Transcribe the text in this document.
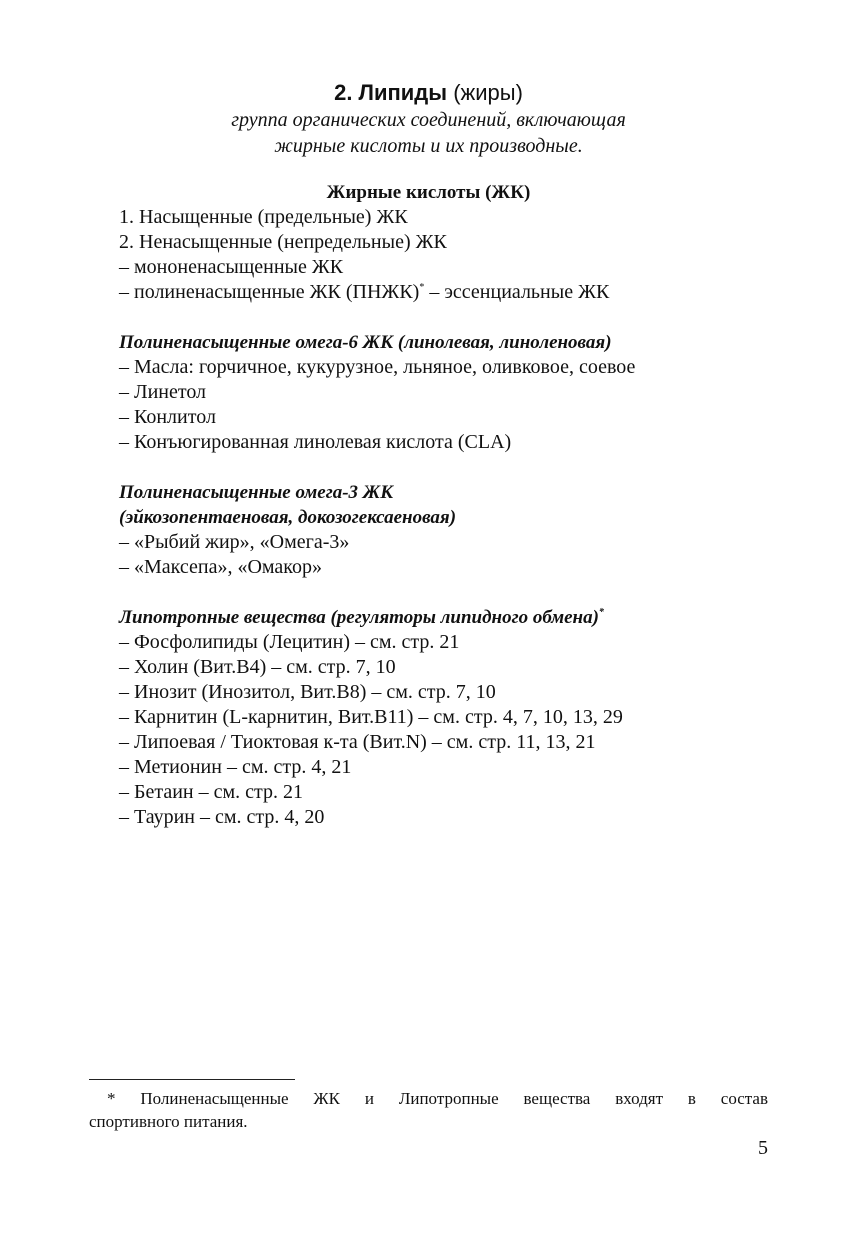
2. Липиды (жиры)
группа органических соединений, включающая
жирные кислоты и их производные.
Жирные кислоты (ЖК)
1. Насыщенные (предельные) ЖК
2. Ненасыщенные (непредельные) ЖК
– мононенасыщенные ЖК
– полиненасыщенные ЖК (ПНЖК)* – эссенциальные ЖК
Полиненасыщенные омега-6 ЖК (линолевая, линоленовая)
– Масла: горчичное, кукурузное, льняное, оливковое, соевое
– Линетол
– Конлитол
– Конъюгированная линолевая кислота (CLA)
Полиненасыщенные омега-3 ЖК
(эйкозопентаеновая, докозогексаеновая)
– «Рыбий жир», «Омега-3»
– «Максепа», «Омакор»
Липотропные вещества (регуляторы липидного обмена)*
– Фосфолипиды (Лецитин) – см. стр. 21
– Холин (Вит.В4) – см. стр. 7, 10
– Инозит (Инозитол, Вит.В8) – см. стр. 7, 10
– Карнитин (L-карнитин, Вит.В11) – см. стр. 4, 7, 10, 13, 29
– Липоевая / Тиоктовая к-та (Вит.N) – см. стр. 11, 13, 21
– Метионин – см. стр. 4, 21
– Бетаин – см. стр. 21
– Таурин – см. стр. 4, 20
* Полиненасыщенные ЖК и Липотропные вещества входят в состав
спортивного питания.
5
